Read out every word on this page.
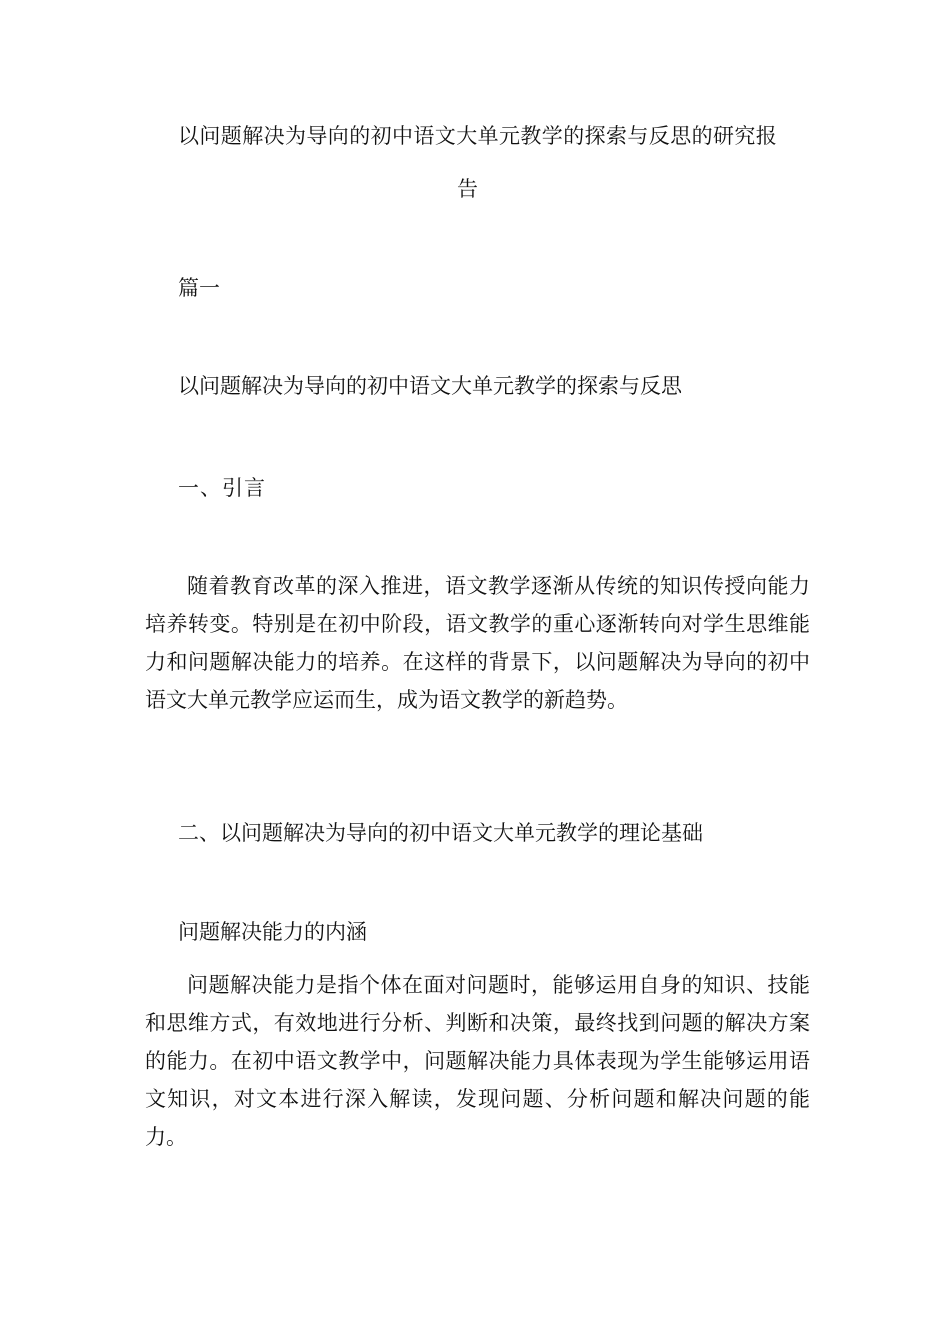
以问题解决为导向的初中语文大单元教学的探索与反思的研究报
告
篇一
以问题解决为导向的初中语文大单元教学的探索与反思
一、引言

随着教育改革的深入推进，语文教学逐渐从传统的知识传授向能力培养转变。特别是在初中阶段，语文教学的重心逐渐转向对学生思维能力和问题解决能力的培养。在这样的背景下，以问题解决为导向的初中语文大单元教学应运而生，成为语文教学的新趋势。

二、以问题解决为导向的初中语文大单元教学的理论基础
问题解决能力的内涵

问题解决能力是指个体在面对问题时，能够运用自身的知识、技能和思维方式，有效地进行分析、判断和决策，最终找到问题的解决方案的能力。在初中语文教学中，问题解决能力具体表现为学生能够运用语文知识，对文本进行深入解读，发现问题、分析问题和解决问题的能力。
